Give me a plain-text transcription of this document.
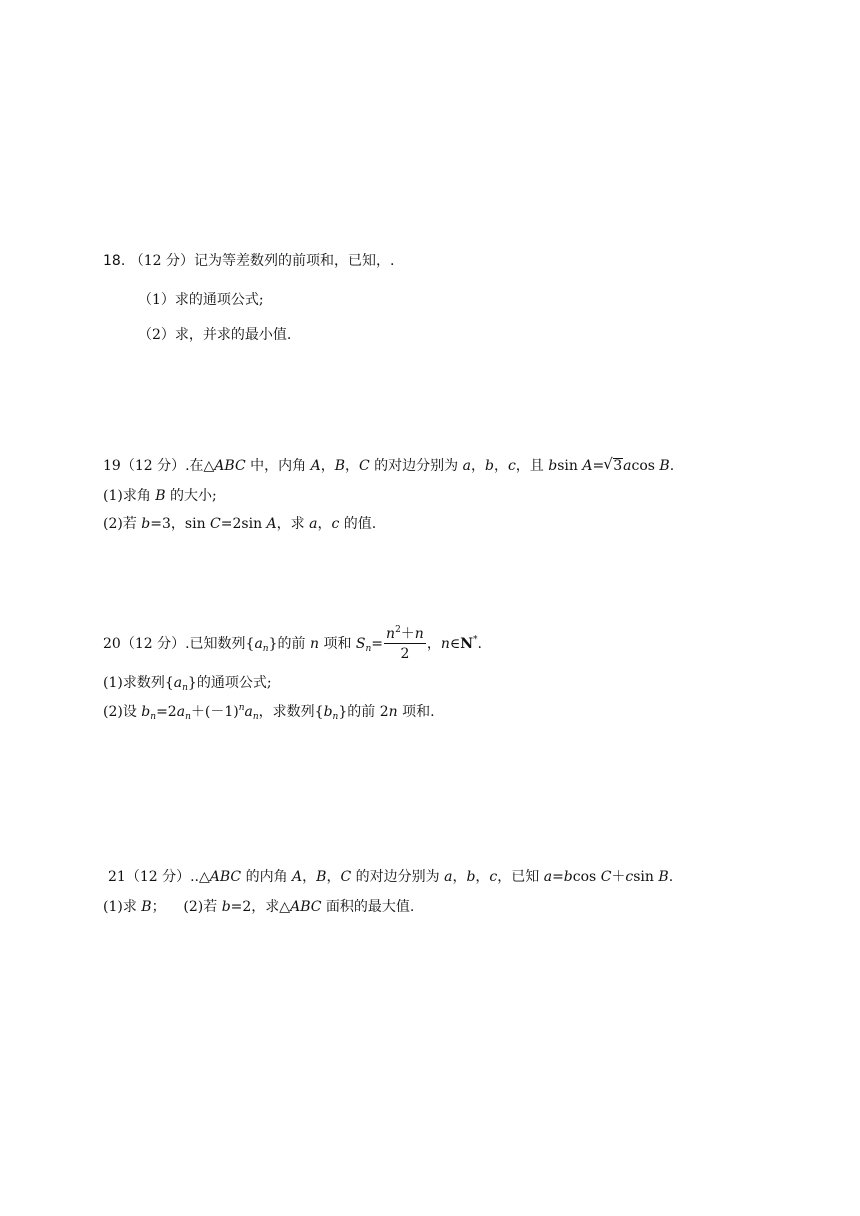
18. （12 分）记为等差数列的前项和，已知，.
（1）求的通项公式;
（2）求，并求的最小值.
19（12 分）.在△ABC 中，内角 A，B，C 的对边分别为 a，b，c，且 bsin A=√ 3acos B.
(1)求角 B 的大小;
(2)若 b=3，sin C=2sin A，求 a，c 的值.
20（12 分）.已知数列$\{a_n\}$的前 n 项和 $S_n= \frac{n^2+n}{2}$ ，n∈N*.
(1)求数列$\{a_n\}$的通项公式;
(2)设 $b_n=2a_n+(-1)^na_n$，求数列$\{b_n\}$的前 2n 项和.
21（12 分）..△ABC 的内角 A，B，C 的对边分别为 a，b，c，已知 a=bcos C＋csin B.
(1)求 B； (2)若 b=2，求△ABC 面积的最大值.
